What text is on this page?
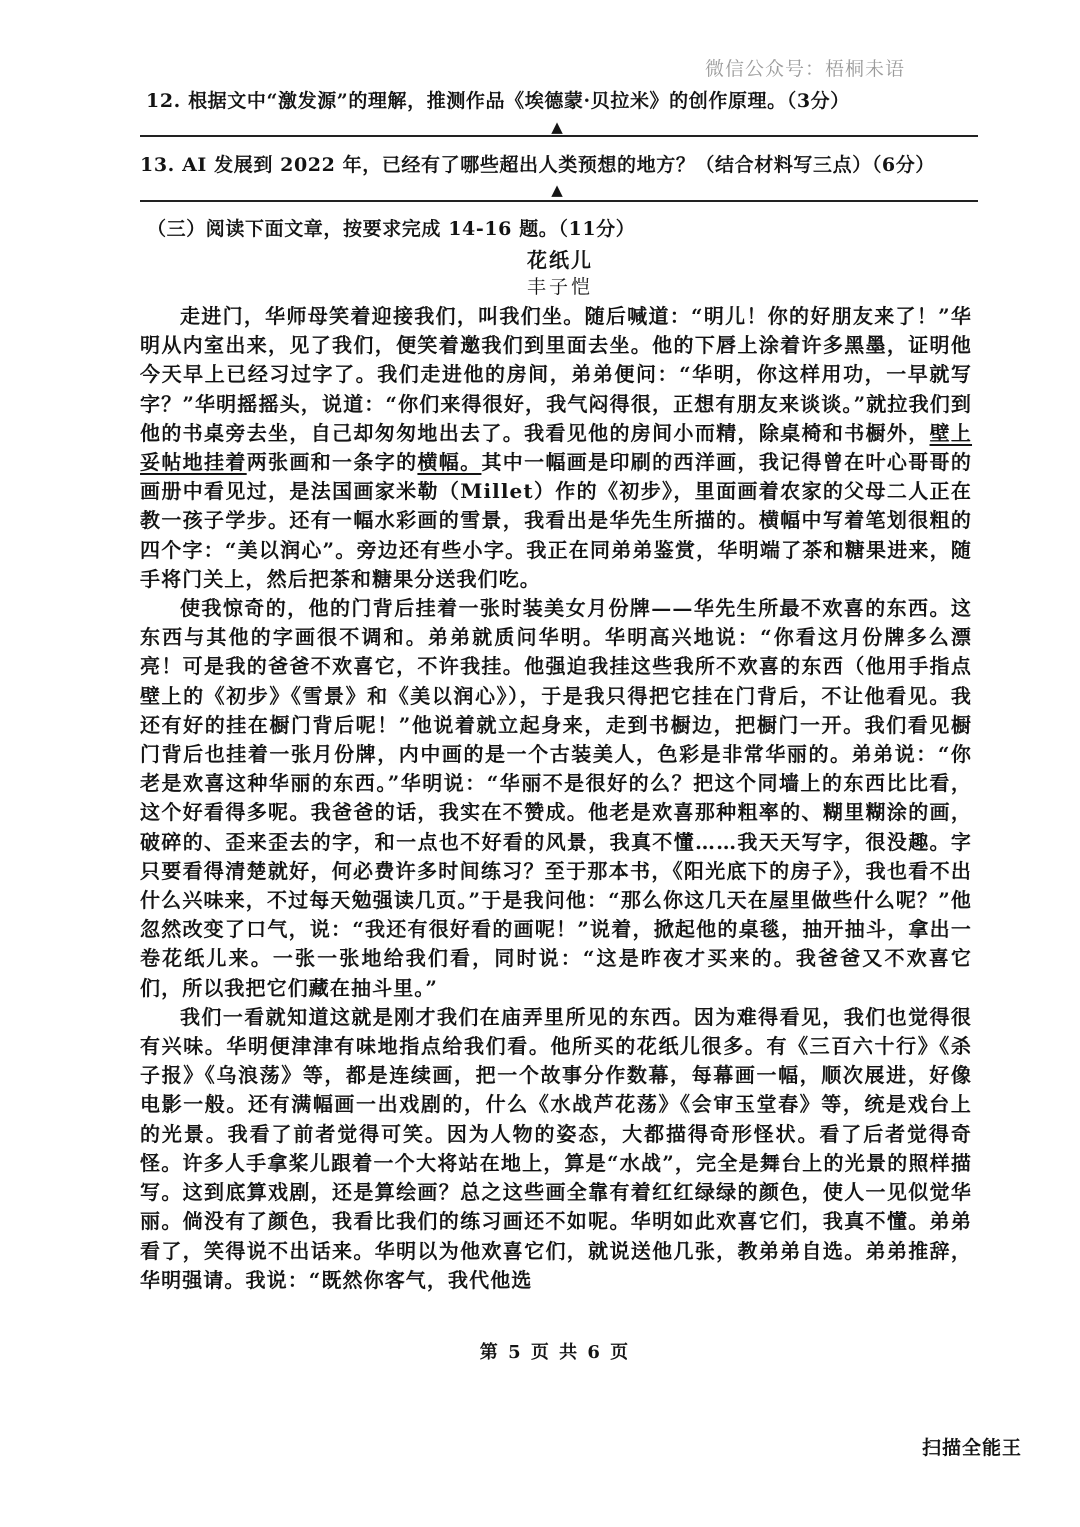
微信公众号：梧桐未语
12. 根据文中“激发源”的理解，推测作品《埃德蒙·贝拉米》的创作原理。（3分）
▲
13. AI 发展到 2022 年，已经有了哪些超出人类预想的地方？（结合材料写三点）（6分）
▲
（三）阅读下面文章，按要求完成 14-16 题。（11分）
花纸儿
丰子恺

走进门，华师母笑着迎接我们，叫我们坐。随后喊道：“明儿！你的好朋友来了！”华明从内室出来，见了我们，便笑着邀我们到里面去坐。他的下唇上涂着许多黑墨，证明他今天早上已经习过字了。我们走进他的房间，弟弟便问：“华明，你这样用功，一早就写字？”华明摇摇头，说道：“你们来得很好，我气闷得很，正想有朋友来谈谈。”就拉我们到他的书桌旁去坐，自己却匆匆地出去了。我看见他的房间小而精，除桌椅和书橱外，壁上妥帖地挂着两张画和一条字的横幅。其中一幅画是印刷的西洋画，我记得曾在叶心哥哥的画册中看见过，是法国画家米勒（Millet）作的《初步》，里面画着农家的父母二人正在教一孩子学步。还有一幅水彩画的雪景，我看出是华先生所描的。横幅中写着笔划很粗的四个字：“美以润心”。旁边还有些小字。我正在同弟弟鉴赏，华明端了茶和糖果进来，随手将门关上，然后把茶和糖果分送我们吃。

使我惊奇的，他的门背后挂着一张时装美女月份牌——华先生所最不欢喜的东西。这东西与其他的字画很不调和。弟弟就质问华明。华明高兴地说：“你看这月份牌多么漂亮！可是我的爸爸不欢喜它，不许我挂。他强迫我挂这些我所不欢喜的东西（他用手指点壁上的《初步》《雪景》和《美以润心》），于是我只得把它挂在门背后，不让他看见。我还有好的挂在橱门背后呢！”他说着就立起身来，走到书橱边，把橱门一开。我们看见橱门背后也挂着一张月份牌，内中画的是一个古装美人，色彩是非常华丽的。弟弟说：“你老是欢喜这种华丽的东西。”华明说：“华丽不是很好的么？把这个同墙上的东西比比看，这个好看得多呢。我爸爸的话，我实在不赞成。他老是欢喜那种粗率的、糊里糊涂的画，破碎的、歪来歪去的字，和一点也不好看的风景，我真不懂……我天天写字，很没趣。字只要看得清楚就好，何必费许多时间练习？至于那本书，《阳光底下的房子》，我也看不出什么兴味来，不过每天勉强读几页。”于是我问他：“那么你这几天在屋里做些什么呢？”他忽然改变了口气，说：“我还有很好看的画呢！”说着，掀起他的桌毯，抽开抽斗，拿出一卷花纸儿来。一张一张地给我们看，同时说：“这是昨夜才买来的。我爸爸又不欢喜它们，所以我把它们藏在抽斗里。”

我们一看就知道这就是刚才我们在庙弄里所见的东西。因为难得看见，我们也觉得很有兴味。华明便津津有味地指点给我们看。他所买的花纸儿很多。有《三百六十行》《杀子报》《乌浪荡》等，都是连续画，把一个故事分作数幕，每幕画一幅，顺次展进，好像电影一般。还有满幅画一出戏剧的，什么《水战芦花荡》《会审玉堂春》等，统是戏台上的光景。我看了前者觉得可笑。因为人物的姿态，大都描得奇形怪状。看了后者觉得奇怪。许多人手拿桨儿跟着一个大将站在地上，算是“水战”，完全是舞台上的光景的照样描写。这到底算戏剧，还是算绘画？总之这些画全靠有着红红绿绿的颜色，使人一见似觉华丽。倘没有了颜色，我看比我们的练习画还不如呢。华明如此欢喜它们，我真不懂。弟弟看了，笑得说不出话来。华明以为他欢喜它们，就说送他几张，教弟弟自选。弟弟推辞，华明强请。我说：“既然你客气，我代他选

第 5 页 共 6 页
扫描全能王
